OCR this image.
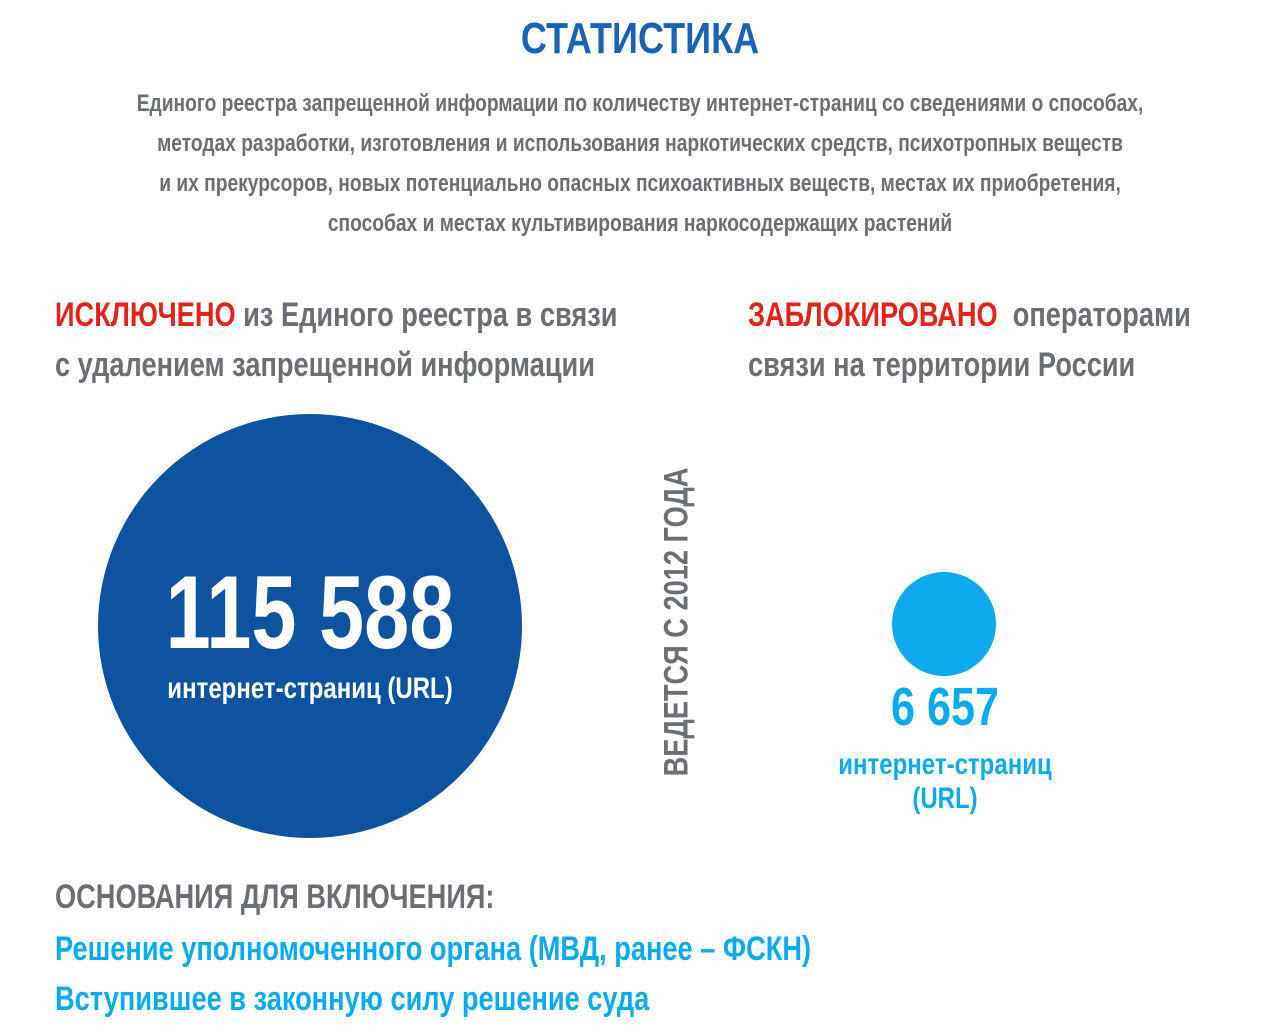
СТАТИСТИКА
Единого реестра запрещенной информации по количеству интернет-страниц со сведениями о способах,
методах разработки, изготовления и использования наркотических средств, психотропных веществ
и их прекурсоров, новых потенциально опасных психоактивных веществ, местах их приобретения,
способах и местах культивирования наркосодержащих растений
ИСКЛЮЧЕНО из Единого реестра в связи
с удалением запрещенной информации
ЗАБЛОКИРОВАНО  операторами
связи на территории России
115 588
интернет-страниц (URL)	ВЕДЕТСЯ С 2012 ГОДА	6 657
интернет-страниц (URL)
ОСНОВАНИЯ ДЛЯ ВКЛЮЧЕНИЯ:
Решение уполномоченного органа (МВД, ранее – ФСКН)
Вступившее в законную силу решение суда
